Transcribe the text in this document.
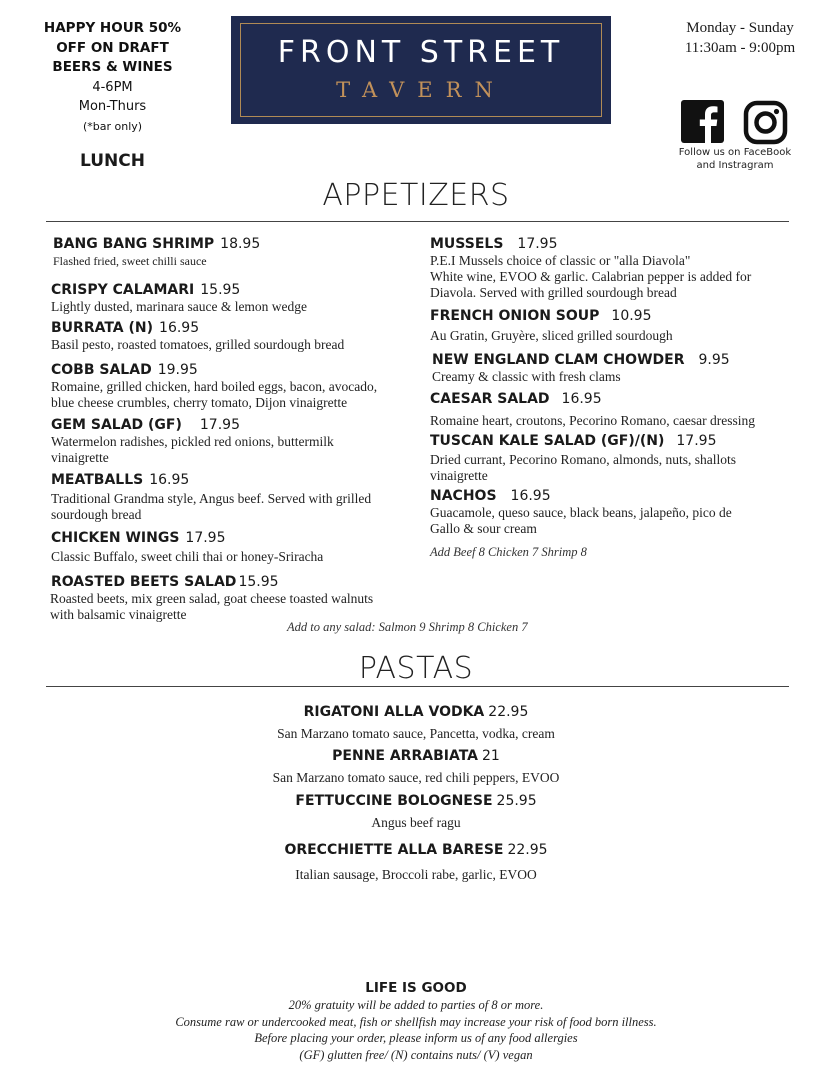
HAPPY HOUR 50%
OFF ON DRAFT
BEERS & WINES
4-6PM
Mon-Thurs
(*bar only)
LUNCH
FRONT STREET
TAVERN
Monday - Sunday
11:30am - 9:00pm
Follow us on FaceBook
and Instragram
APPETIZERS
BANG BANG SHRIMP 18.95
Flashed fried, sweet chilli sauce
CRISPY CALAMARI 15.95
Lightly dusted, marinara sauce & lemon wedge
BURRATA (N) 16.95
Basil pesto, roasted tomatoes, grilled sourdough bread
COBB SALAD 19.95
Romaine, grilled chicken, hard boiled eggs, bacon, avocado,
blue cheese crumbles, cherry tomato, Dijon vinaigrette
GEM SALAD (GF) 17.95
Watermelon radishes, pickled red onions, buttermilk
vinaigrette
MEATBALLS 16.95
Traditional Grandma style, Angus beef. Served with grilled
sourdough bread
CHICKEN WINGS 17.95
Classic Buffalo, sweet chili thai or honey-Sriracha
ROASTED BEETS SALAD 15.95
Roasted beets, mix green salad, goat cheese toasted walnuts
with balsamic vinaigrette
MUSSELS 17.95
P.E.I Mussels choice of classic or "alla Diavola"
White wine, EVOO & garlic. Calabrian pepper is added for
Diavola. Served with grilled sourdough bread
FRENCH ONION SOUP 10.95
Au Gratin, Gruyère, sliced grilled sourdough
NEW ENGLAND CLAM CHOWDER 9.95
Creamy & classic with fresh clams
CAESAR SALAD 16.95
Romaine heart, croutons, Pecorino Romano, caesar dressing
TUSCAN KALE SALAD (GF)/(N) 17.95
Dried currant, Pecorino Romano, almonds, nuts, shallots
vinaigrette
NACHOS 16.95
Guacamole, queso sauce, black beans, jalapeño, pico de
Gallo & sour cream
Add Beef 8 Chicken 7 Shrimp 8
Add to any salad: Salmon 9 Shrimp 8 Chicken 7
PASTAS
RIGATONI ALLA VODKA 22.95
San Marzano tomato sauce, Pancetta, vodka, cream
PENNE ARRABIATA 21
San Marzano tomato sauce, red chili peppers, EVOO
FETTUCCINE BOLOGNESE 25.95
Angus beef ragu
ORECCHIETTE ALLA BARESE 22.95
Italian sausage, Broccoli rabe, garlic, EVOO
LIFE IS GOOD
20% gratuity will be added to parties of 8 or more.
Consume raw or undercooked meat, fish or shellfish may increase your risk of food born illness.
Before placing your order, please inform us of any food allergies
(GF) glutten free/ (N) contains nuts/ (V) vegan
